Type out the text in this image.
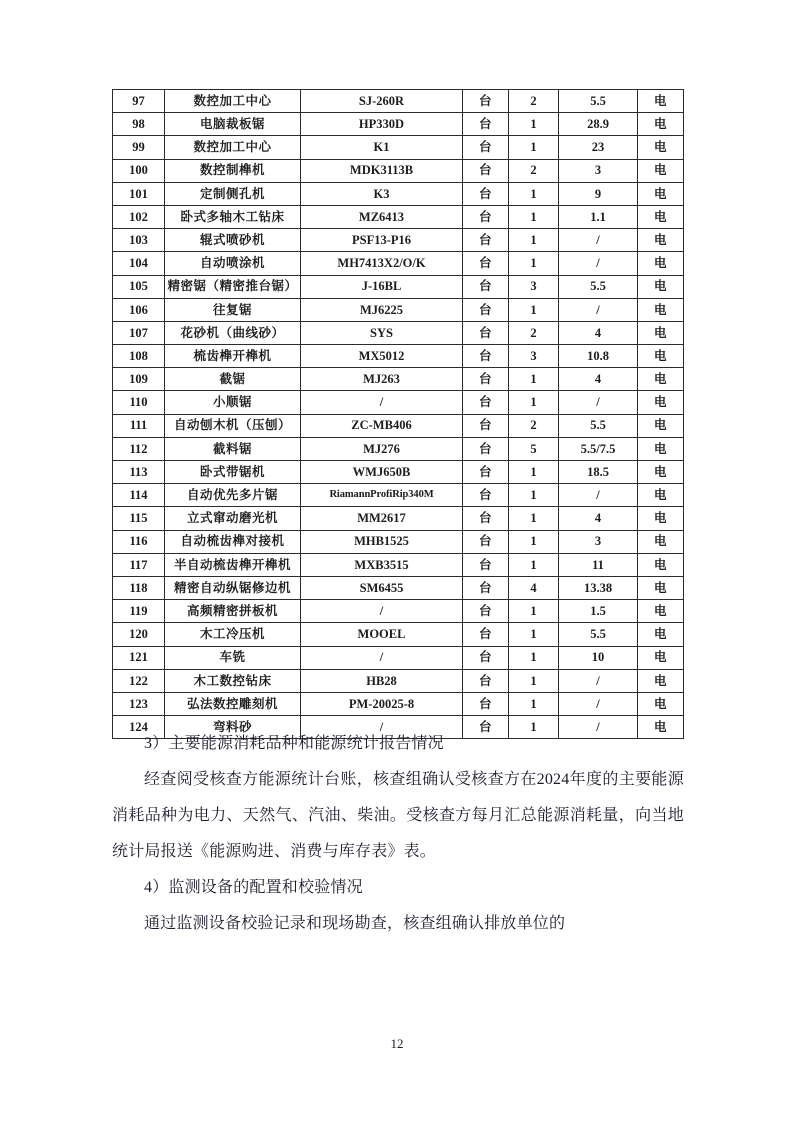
97	数控加工中心	SJ-260R	台	2	5.5	电
98	电脑裁板锯	HP330D	台	1	28.9	电
99	数控加工中心	K1	台	1	23	电
100	数控制榫机	MDK3113B	台	2	3	电
101	定制侧孔机	K3	台	1	9	电
102	卧式多轴木工钻床	MZ6413	台	1	1.1	电
103	辊式喷砂机	PSF13-P16	台	1	/	电
104	自动喷涂机	MH7413X2/O/K	台	1	/	电
105	精密锯（精密推台锯）	J-16BL	台	3	5.5	电
106	往复锯	MJ6225	台	1	/	电
107	花砂机（曲线砂）	SYS	台	2	4	电
108	梳齿榫开榫机	MX5012	台	3	10.8	电
109	截锯	MJ263	台	1	4	电
110	小顺锯	/	台	1	/	电
111	自动刨木机（压刨）	ZC-MB406	台	2	5.5	电
112	截料锯	MJ276	台	5	5.5/7.5	电
113	卧式带锯机	WMJ650B	台	1	18.5	电
114	自动优先多片锯	RiamannProfiRip340M	台	1	/	电
115	立式窜动磨光机	MM2617	台	1	4	电
116	自动梳齿榫对接机	MHB1525	台	1	3	电
117	半自动梳齿榫开榫机	MXB3515	台	1	11	电
118	精密自动纵锯修边机	SM6455	台	4	13.38	电
119	高频精密拼板机	/	台	1	1.5	电
120	木工冷压机	MOOEL	台	1	5.5	电
121	车铣	/	台	1	10	电
122	木工数控钻床	HB28	台	1	/	电
123	弘法数控雕刻机	PM-20025-8	台	1	/	电
124	弯料砂	/	台	1	/	电

3）主要能源消耗品种和能源统计报告情况

经查阅受核查方能源统计台账，核查组确认受核查方在2024年度的主要能源消耗品种为电力、天然气、汽油、柴油。受核查方每月汇总能源消耗量，向当地统计局报送《能源购进、消费与库存表》表。

4）监测设备的配置和校验情况

通过监测设备校验记录和现场勘查，核查组确认排放单位的

12
